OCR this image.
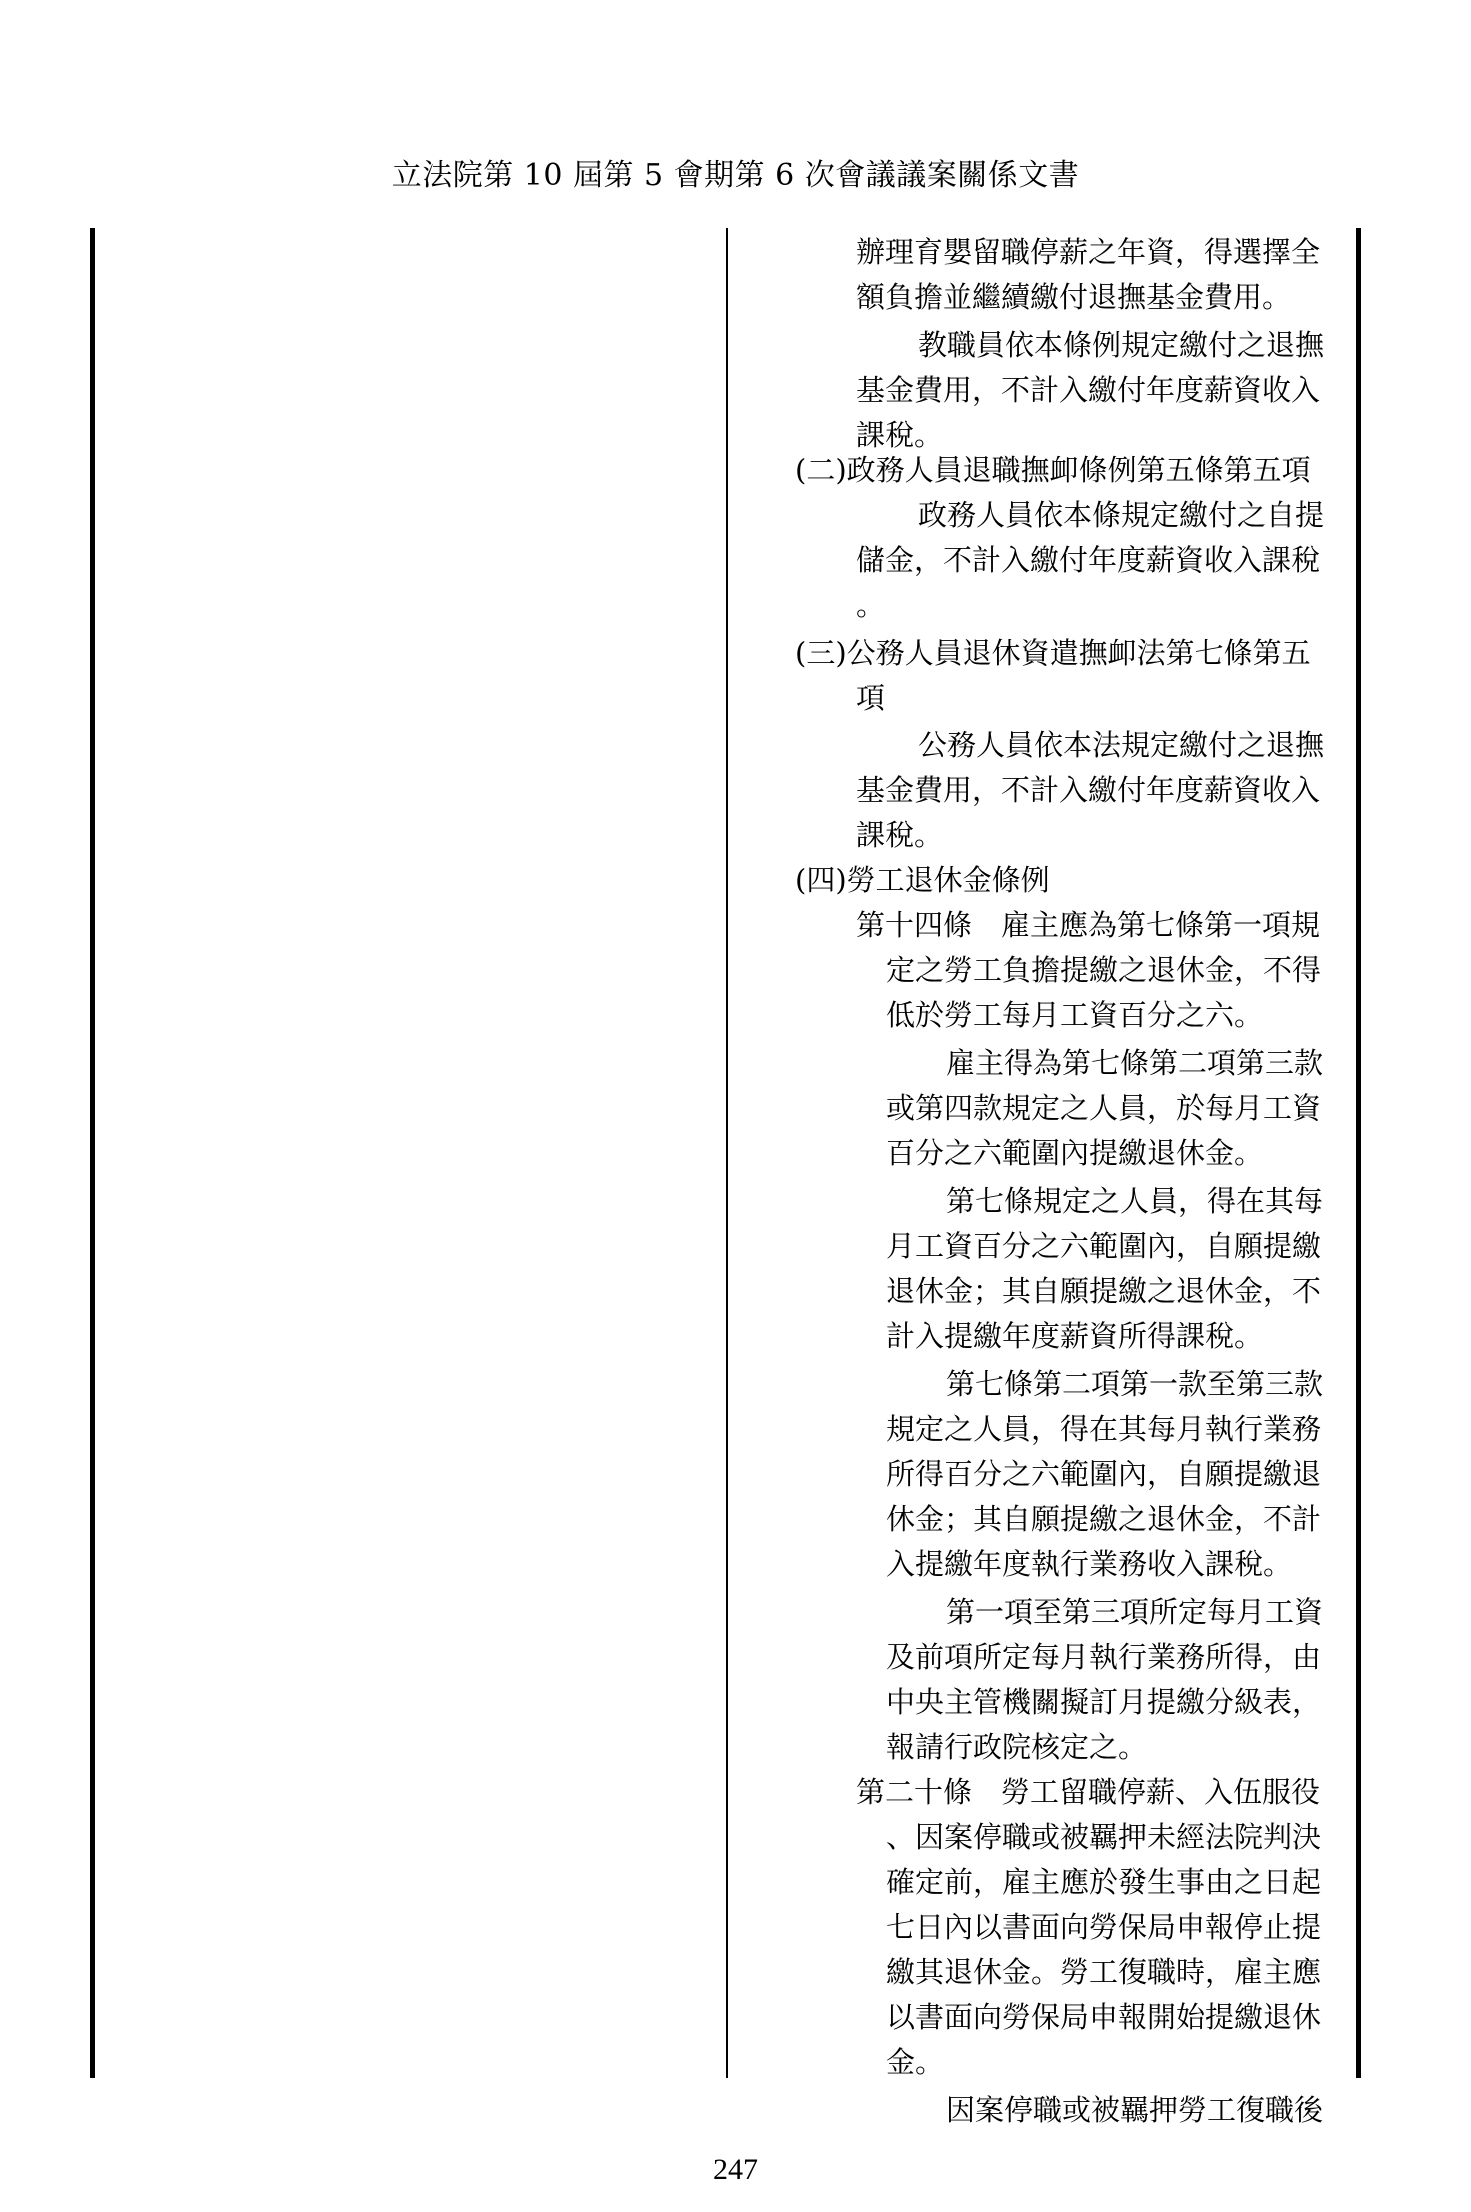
立法院第 10 屆第 5 會期第 6 次會議議案關係文書
辦理育嬰留職停薪之年資，得選擇全
額負擔並繼續繳付退撫基金費用。
教職員依本條例規定繳付之退撫
基金費用，不計入繳付年度薪資收入
課稅。
(二)政務人員退職撫卹條例第五條第五項
政務人員依本條規定繳付之自提
儲金，不計入繳付年度薪資收入課稅
。
(三)公務人員退休資遣撫卹法第七條第五
項
公務人員依本法規定繳付之退撫
基金費用，不計入繳付年度薪資收入
課稅。
(四)勞工退休金條例
第十四條　雇主應為第七條第一項規
定之勞工負擔提繳之退休金，不得
低於勞工每月工資百分之六。
雇主得為第七條第二項第三款
或第四款規定之人員，於每月工資
百分之六範圍內提繳退休金。
第七條規定之人員，得在其每
月工資百分之六範圍內，自願提繳
退休金；其自願提繳之退休金，不
計入提繳年度薪資所得課稅。
第七條第二項第一款至第三款
規定之人員，得在其每月執行業務
所得百分之六範圍內，自願提繳退
休金；其自願提繳之退休金，不計
入提繳年度執行業務收入課稅。
第一項至第三項所定每月工資
及前項所定每月執行業務所得，由
中央主管機關擬訂月提繳分級表，
報請行政院核定之。
第二十條　勞工留職停薪、入伍服役
、因案停職或被羈押未經法院判決
確定前，雇主應於發生事由之日起
七日內以書面向勞保局申報停止提
繳其退休金。勞工復職時，雇主應
以書面向勞保局申報開始提繳退休
金。
因案停職或被羈押勞工復職後
247
